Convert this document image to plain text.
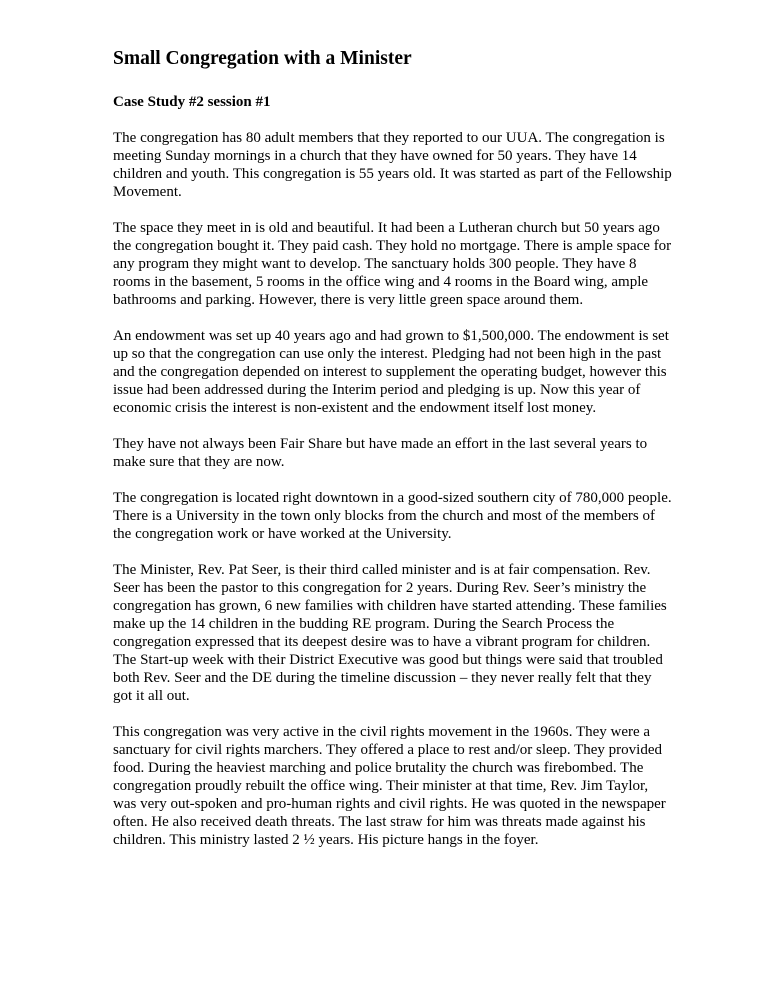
Small Congregation with a Minister

Case Study #2 session #1

The congregation has 80 adult members that they reported to our UUA. The congregation is meeting Sunday mornings in a church that they have owned for 50 years. They have 14 children and youth. This congregation is 55 years old. It was started as part of the Fellowship Movement.

The space they meet in is old and beautiful. It had been a Lutheran church but 50 years ago the congregation bought it. They paid cash. They hold no mortgage. There is ample space for any program they might want to develop. The sanctuary holds 300 people. They have 8 rooms in the basement, 5 rooms in the office wing and 4 rooms in the Board wing, ample bathrooms and parking. However, there is very little green space around them.

An endowment was set up 40 years ago and had grown to $1,500,000. The endowment is set up so that the congregation can use only the interest. Pledging had not been high in the past and the congregation depended on interest to supplement the operating budget, however this issue had been addressed during the Interim period and pledging is up. Now this year of economic crisis the interest is non-existent and the endowment itself lost money.

They have not always been Fair Share but have made an effort in the last several years to make sure that they are now.

The congregation is located right downtown in a good-sized southern city of 780,000 people. There is a University in the town only blocks from the church and most of the members of the congregation work or have worked at the University.

The Minister, Rev. Pat Seer, is their third called minister and is at fair compensation. Rev. Seer has been the pastor to this congregation for 2 years. During Rev. Seer’s ministry the congregation has grown, 6 new families with children have started attending. These families make up the 14 children in the budding RE program. During the Search Process the congregation expressed that its deepest desire was to have a vibrant program for children. The Start-up week with their District Executive was good but things were said that troubled both Rev. Seer and the DE during the timeline discussion – they never really felt that they got it all out.

This congregation was very active in the civil rights movement in the 1960s. They were a sanctuary for civil rights marchers. They offered a place to rest and/or sleep. They provided food. During the heaviest marching and police brutality the church was firebombed. The congregation proudly rebuilt the office wing. Their minister at that time, Rev. Jim Taylor, was very out-spoken and pro-human rights and civil rights. He was quoted in the newspaper often. He also received death threats. The last straw for him was threats made against his children. This ministry lasted 2 ½ years. His picture hangs in the foyer.
